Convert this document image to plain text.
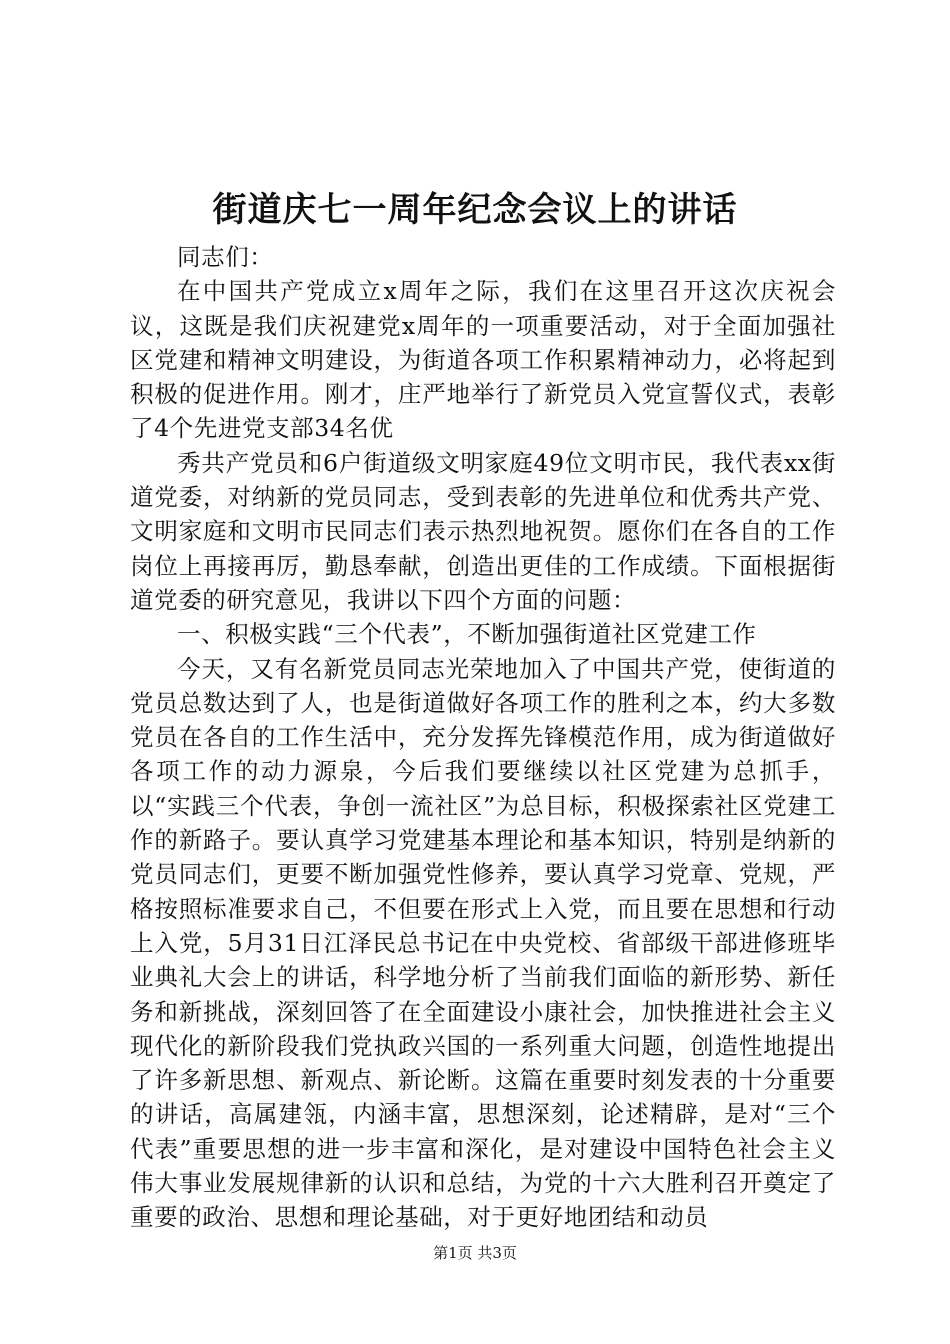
街道庆七一周年纪念会议上的讲话

同志们：

在中国共产党成立x周年之际，我们在这里召开这次庆祝会议，这既是我们庆祝建党x周年的一项重要活动，对于全面加强社区党建和精神文明建设，为街道各项工作积累精神动力，必将起到积极的促进作用。刚才，庄严地举行了新党员入党宣誓仪式，表彰了4个先进党支部34名优

秀共产党员和6户街道级文明家庭49位文明市民，我代表xx街道党委，对纳新的党员同志，受到表彰的先进单位和优秀共产党、文明家庭和文明市民同志们表示热烈地祝贺。愿你们在各自的工作岗位上再接再厉，勤恳奉献，创造出更佳的工作成绩。下面根据街道党委的研究意见，我讲以下四个方面的问题：

一、积极实践“三个代表”，不断加强街道社区党建工作

今天，又有名新党员同志光荣地加入了中国共产党，使街道的党员总数达到了人，也是街道做好各项工作的胜利之本，约大多数党员在各自的工作生活中，充分发挥先锋模范作用，成为街道做好各项工作的动力源泉，今后我们要继续以社区党建为总抓手，以“实践三个代表，争创一流社区”为总目标，积极探索社区党建工作的新路子。要认真学习党建基本理论和基本知识，特别是纳新的党员同志们，更要不断加强党性修养，要认真学习党章、党规，严格按照标准要求自己，不但要在形式上入党，而且要在思想和行动上入党，5月31日江泽民总书记在中央党校、省部级干部进修班毕业典礼大会上的讲话，科学地分析了当前我们面临的新形势、新任务和新挑战，深刻回答了在全面建设小康社会，加快推进社会主义现代化的新阶段我们党执政兴国的一系列重大问题，创造性地提出了许多新思想、新观点、新论断。这篇在重要时刻发表的十分重要的讲话，高属建瓴，内涵丰富，思想深刻，论述精辟，是对“三个代表”重要思想的进一步丰富和深化，是对建设中国特色社会主义伟大事业发展规律新的认识和总结，为党的十六大胜利召开奠定了重要的政治、思想和理论基础，对于更好地团结和动员

第1页 共3页
